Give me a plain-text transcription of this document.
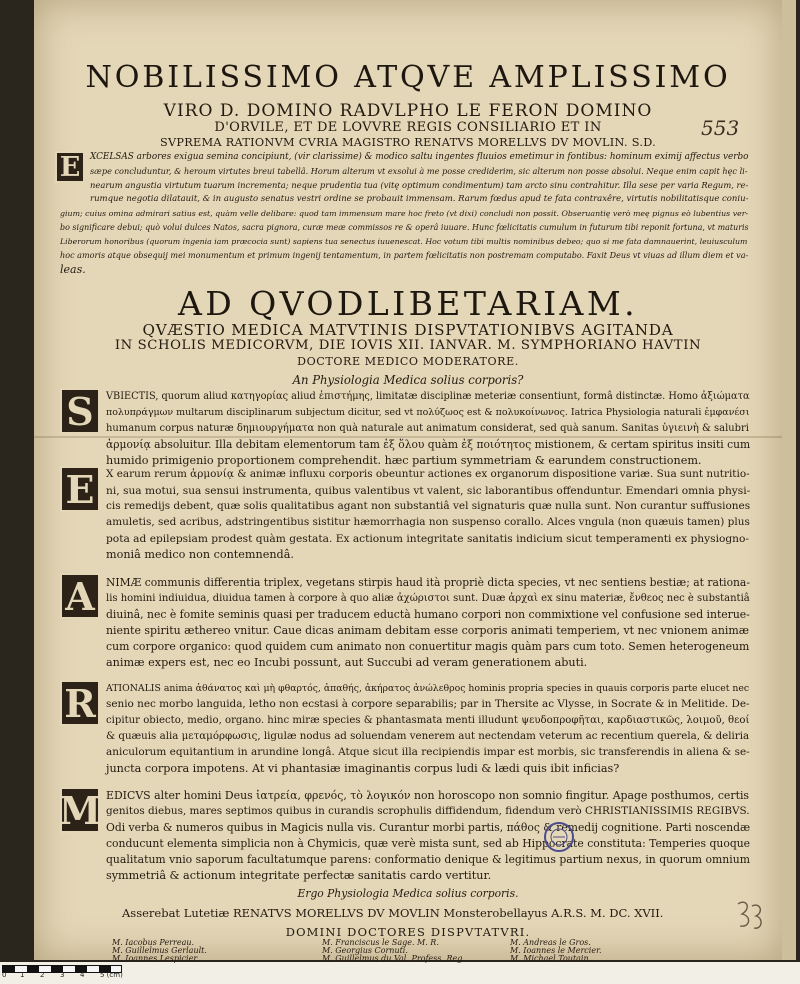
NOBILISSIMO ATQVE AMPLISSIMO
VIRO D. DOMINO RADVLPHO LE FERON DOMINO
D'ORVILE, ET DE LOVVRE REGIS CONSILIARIO ET IN
SVPREMA RATIONVM CVRIA MAGISTRO RENATVS MORELLVS DV MOVLIN. S.D.
553
E	XCELSAS arbores exigua semina concipiunt, (vir clarissime) & modico saltu ingentes fluuios emetimur in fontibus: hominum eximij affectus verbo
sæpe concluduntur, & heroum virtutes breui tabellâ. Horum alterum vt exsolui à me posse crediderim, sic alterum non posse absolui. Neque enim capit hęc li-
nearum angustia virtutum tuarum incrementa; neque prudentia tua (vitę optimum condimentum) tam arcto sinu contrahitur. Illa sese per varia Regum, re-
rumque negotia dilatauit, & in augusto senatus vestri ordine se probauit immensam. Rarum fœdus apud te fata contraxêre, virtutis nobilitatisque coniu-
gium; cuius omina admirari satius est, quàm velle delibare: quod tam immensum mare hoc freto (vt dixi) concludi non possit. Obseruantię verò meę pignus eò lubentius ver-
bo significare debui; quò volui dulces Natos, sacra pignora, curæ meæ commissos re & operâ iuuare. Hunc fœlicitatis cumulum in futurum tibi reponit fortuna, vt maturis
Liberorum honoribus (quorum ingenia iam præcocia sunt) sapiens tua senectus iuuenescat. Hoc votum tibi multis nominibus debeo; quo si me fata damnauerint, leuiusculum
hoc amoris atque obsequij mei monumentum et primum ingenij tentamentum, in partem fœlicitatis non postremam computabo. Faxit Deus vt viuas ad illum diem et va-
leas.
AD QVODLIBETARIAM.
QVÆSTIO MEDICA MATVTINIS DISPVTATIONIBVS AGITANDA
IN SCHOLIS MEDICORVM, DIE IOVIS XII. IANVAR. M. SYMPHORIANO HAVTIN
DOCTORE MEDICO MODERATORE.
An Physiologia Medica solius corporis?
S	VBIECTIS, quorum aliud κατηγορίας aliud ἐπιστήμης, limitatæ disciplinæ meteriæ consentiunt, formâ distinctæ. Homo ἀξιώματα
πολυπράγμων multarum disciplinarum subjectum dicitur, sed vt πολύζωος est & πολυκοίνωνος. Iatrica Physiologia naturali ἐμφανέσι
humanum corpus naturæ δημιουργήματα non quà naturale aut animatum considerat, sed quà sanum. Sanitas ὑγιεινὴ & salubri
ἀρμονίᾳ absoluitur. Illa debitam elementorum tam ἐξ ὅλου quàm ἐξ ποιότητος mistionem, & certam spiritus insiti cum
humido primigenio proportionem comprehendit. hæc partium symmetriam & earundem constructionem.
E	X earum rerum ἁρμονίᾳ & animæ influxu corporis obeuntur actiones ex organorum dispositione variæ. Sua sunt nutritio-
ni, sua motui, sua sensui instrumenta, quibus valentibus vt valent, sic laborantibus offenduntur. Emendari omnia physi-
cis remedijs debent, quæ solis qualitatibus agant non substantiâ vel signaturis quæ nulla sunt. Non curantur suffusiones
amuletis, sed acribus, adstringentibus sistitur hæmorrhagia non suspenso corallo. Alces vngula (non quæuis tamen) plus
pota ad epilepsiam prodest quàm gestata. Ex actionum integritate sanitatis indicium sicut temperamenti ex physiogno-
moniâ medico non contemnendâ.
A	NIMÆ communis differentia triplex, vegetans stirpis haud ità propriè dicta species, vt nec sentiens bestiæ; at rationa-
lis homini indiuidua, diuidua tamen à corpore à quo aliæ ἀχώριστοι sunt. Duæ ἀρχαὶ ex sinu materiæ, ἔνθεος nec è substantiâ
diuinâ, nec è fomite seminis quasi per traducem eductà humano corpori non commixtione vel confusione sed interue-
niente spiritu æthereo vnitur. Caue dicas animam debitam esse corporis animati temperiem, vt nec vnionem animæ
cum corpore organico: quod quidem cum animato non conuertitur magis quàm pars cum toto. Semen heterogeneum
animæ expers est, nec eo Incubi possunt, aut Succubi ad veram generationem abuti.
R	ATIONALIS anima ἀθάνατος καὶ μὴ φθαρτός, ἀπαθής, ἀκήρατος ἀνώλεθρος hominis propria species in quauis corporis parte elucet nec
senio nec morbo languida, letho non ecstasi à corpore separabilis; par in Thersite ac Vlysse, in Socrate & in Melitide. De-
cipitur obiecto, medio, organo. hinc miræ species & phantasmata menti illudunt ψευδοπροφῆται, καρδιαστικῶς, λοιμοῦ, θεοί
& quæuis alia μεταμόρφωσις, ligulæ nodus ad soluendam venerem aut nectendam veterum ac recentium querela, & deliria
aniculorum equitantium in arundine longâ. Atque sicut illa recipiendis impar est morbis, sic transferendis in aliena & se-
juncta corpora impotens. At vi phantasiæ imaginantis corpus ludi & lædi quis ibit inficias?
M EDICVS alter homini Deus ἰατρεία, φρενός, τὸ λογικόν non horoscopo non somnio fingitur. Apage posthumos, certis
genitos diebus, mares septimos quibus in curandis scrophulis diffidendum, fidendum verò CHRISTIANISSIMIS REGIBVS.
Odi verba & numeros quibus in Magicis nulla vis. Curantur morbi partis, πάθος & remedij cognitione. Parti noscendæ
conducunt elementa simplicia non à Chymicis, quæ verè mista sunt, sed ab Hippocrate constituta: Temperies quoque
qualitatum vnio saporum facultatumque parens: conformatio denique & legitimus partium nexus, in quorum omnium
symmetriâ & actionum integritate perfectæ sanitatis cardo vertitur.
Ergo Physiologia Medica solius corporis.
Asserebat Lutetiæ RENATVS MORELLVS DV MOVLIN Monsterobellayus A.R.S. M. DC. XVII.
DOMINI DOCTORES DISPVTATVRI.
M. Iacobus Perreau.	M. Franciscus le Sage. M. R.	M. Andreas le Gros.
M. Guillelmus Gerlault.	M. Georgius Cornuti.	M. Ioannes le Mercier.
0 1 2 3 4 5 (cm)
M. Ioannes Lespicier.	M. Guillelmus du Val, Profess. Reg.	M. Michael Toutain.
